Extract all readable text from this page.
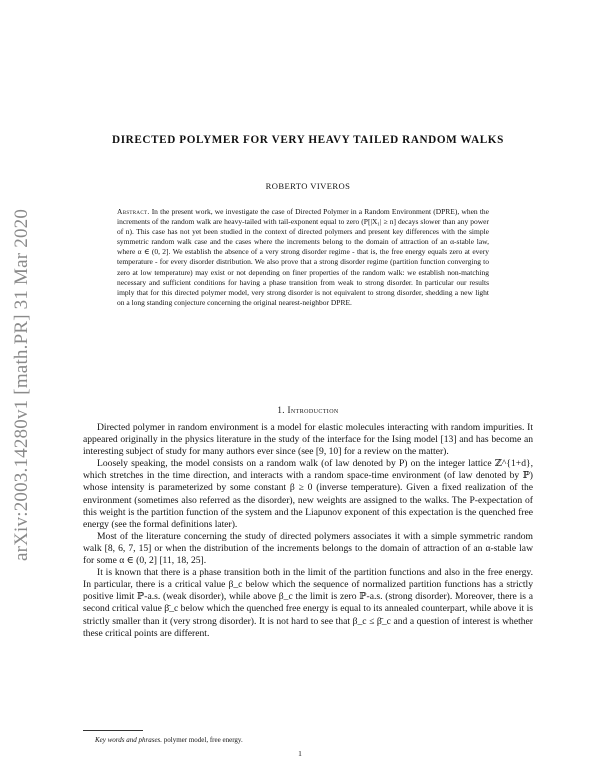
arXiv:2003.14280v1 [math.PR] 31 Mar 2020
DIRECTED POLYMER FOR VERY HEAVY TAILED RANDOM WALKS
ROBERTO VIVEROS
Abstract. In the present work, we investigate the case of Directed Polymer in a Random Environment (DPRE), when the increments of the random walk are heavy-tailed with tail-exponent equal to zero (P[|X₁| ≥ n] decays slower than any power of n). This case has not yet been studied in the context of directed polymers and present key differences with the simple symmetric random walk case and the cases where the increments belong to the domain of attraction of an α-stable law, where α ∈ (0, 2]. We establish the absence of a very strong disorder regime - that is, the free energy equals zero at every temperature - for every disorder distribution. We also prove that a strong disorder regime (partition function converging to zero at low temperature) may exist or not depending on finer properties of the random walk: we establish non-matching necessary and sufficient conditions for having a phase transition from weak to strong disorder. In particular our results imply that for this directed polymer model, very strong disorder is not equivalent to strong disorder, shedding a new light on a long standing conjecture concerning the original nearest-neighbor DPRE.
1. Introduction

Directed polymer in random environment is a model for elastic molecules interacting with random impurities. It appeared originally in the physics literature in the study of the interface for the Ising model [13] and has become an interesting subject of study for many authors ever since (see [9, 10] for a review on the matter).

Loosely speaking, the model consists on a random walk (of law denoted by P) on the integer lattice ℤ^{1+d}, which stretches in the time direction, and interacts with a random space-time environment (of law denoted by ℙ) whose intensity is parameterized by some constant β ≥ 0 (inverse temperature). Given a fixed realization of the environment (sometimes also referred as the disorder), new weights are assigned to the walks. The P-expectation of this weight is the partition function of the system and the Liapunov exponent of this expectation is the quenched free energy (see the formal definitions later).

Most of the literature concerning the study of directed polymers associates it with a simple symmetric random walk [8, 6, 7, 15] or when the distribution of the increments belongs to the domain of attraction of an α-stable law for some α ∈ (0, 2] [11, 18, 25].

It is known that there is a phase transition both in the limit of the partition functions and also in the free energy. In particular, there is a critical value β_c below which the sequence of normalized partition functions has a strictly positive limit ℙ-a.s. (weak disorder), while above β_c the limit is zero ℙ-a.s. (strong disorder). Moreover, there is a second critical value β̄_c below which the quenched free energy is equal to its annealed counterpart, while above it is strictly smaller than it (very strong disorder). It is not hard to see that β_c ≤ β̄_c and a question of interest is whether these critical points are different.

Key words and phrases. polymer model, free energy.
1
